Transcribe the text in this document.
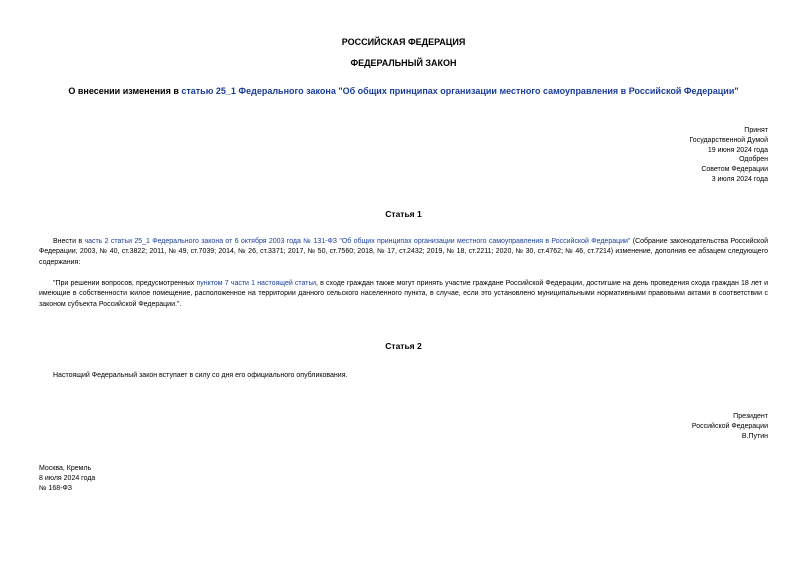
РОССИЙСКАЯ ФЕДЕРАЦИЯ
ФЕДЕРАЛЬНЫЙ ЗАКОН
О внесении изменения в статью 25_1 Федерального закона "Об общих принципах организации местного самоуправления в Российской Федерации"
Принят
Государственной Думой
19 июня 2024 года
Одобрен
Советом Федерации
3 июля 2024 года
Статья 1
Внести в часть 2 статьи 25_1 Федерального закона от 6 октября 2003 года № 131-ФЗ "Об общих принципах организации местного самоуправления в Российской Федерации" (Собрание законодательства Российской Федерации, 2003, № 40, ст.3822; 2011, № 49, ст.7039; 2014, № 26, ст.3371; 2017, № 50, ст.7560; 2018, № 17, ст.2432; 2019, № 18, ст.2211; 2020, № 30, ст.4762; № 46, ст.7214) изменение, дополнив ее абзацем следующего содержания:
"При решении вопросов, предусмотренных пунктом 7 части 1 настоящей статьи, в сходе граждан также могут принять участие граждане Российской Федерации, достигшие на день проведения схода граждан 18 лет и имеющие в собственности жилое помещение, расположенное на территории данного сельского населенного пункта, в случае, если это установлено муниципальными нормативными правовыми актами в соответствии с законом субъекта Российской Федерации.".
Статья 2
Настоящий Федеральный закон вступает в силу со дня его официального опубликования.
Президент
Российской Федерации
В.Путин
Москва, Кремль
8 июля 2024 года
№ 168-ФЗ
